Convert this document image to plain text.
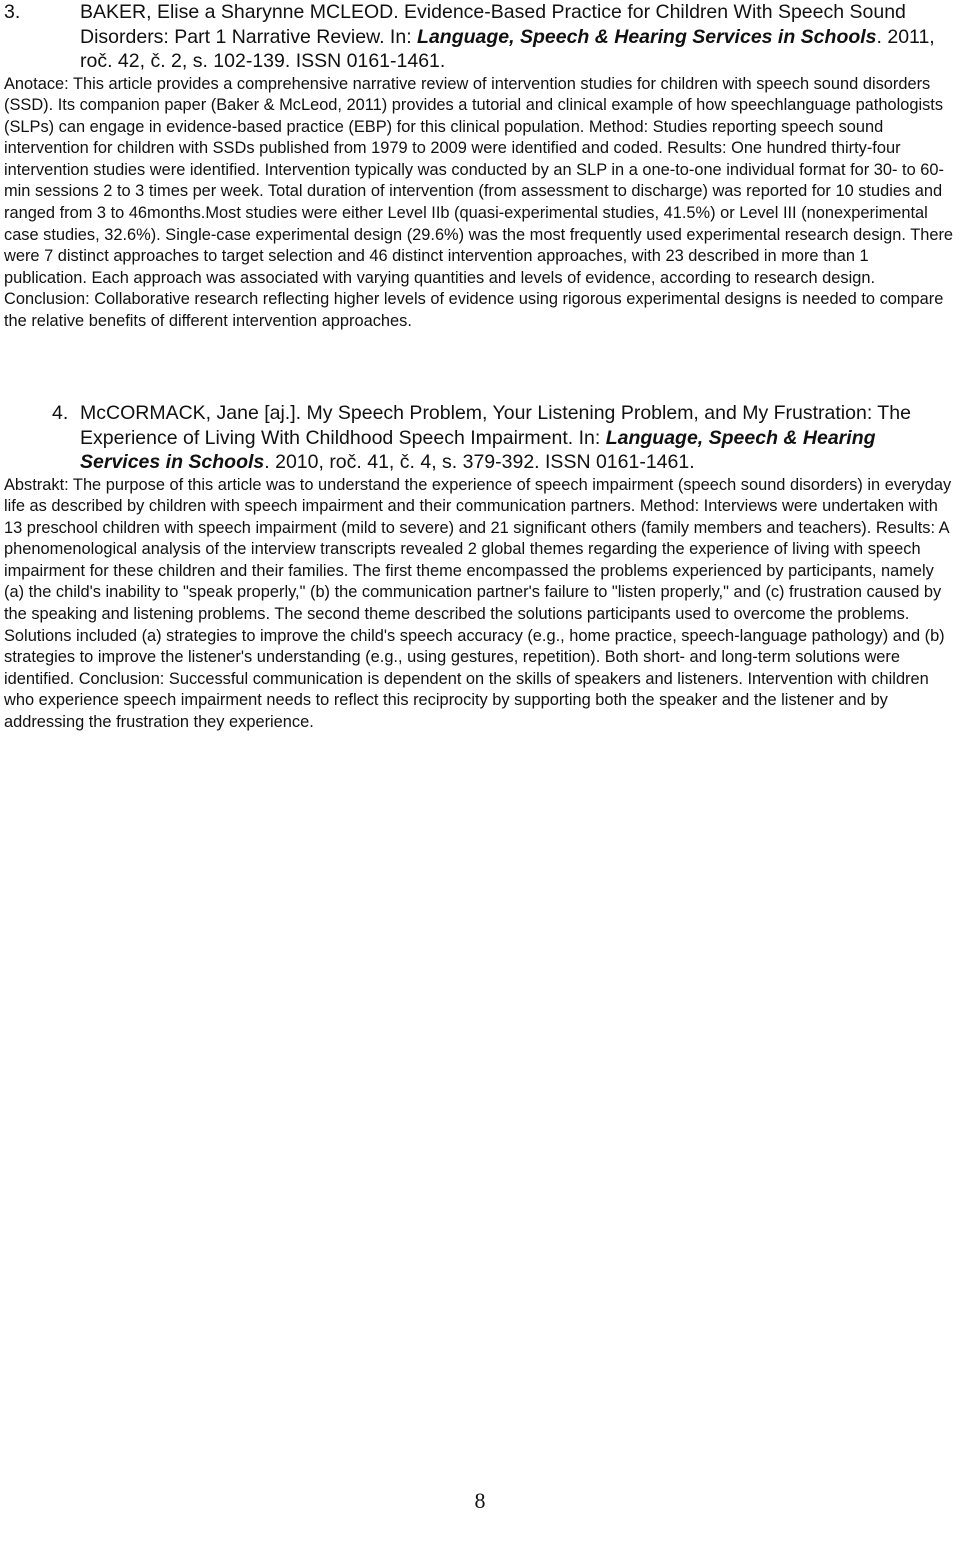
3.	BAKER, Elise a Sharynne MCLEOD. Evidence-Based Practice for Children With Speech Sound Disorders: Part 1 Narrative Review. In: Language, Speech & Hearing Services in Schools. 2011, roč. 42, č. 2, s. 102-139. ISSN 0161-1461.

Anotace: This article provides a comprehensive narrative review of intervention studies for children with speech sound disorders (SSD). Its companion paper (Baker & McLeod, 2011) provides a tutorial and clinical example of how speechlanguage pathologists (SLPs) can engage in evidence-based practice (EBP) for this clinical population. Method: Studies reporting speech sound intervention for children with SSDs published from 1979 to 2009 were identified and coded. Results: One hundred thirty-four intervention studies were identified. Intervention typically was conducted by an SLP in a one-to-one individual format for 30- to 60-min sessions 2 to 3 times per week. Total duration of intervention (from assessment to discharge) was reported for 10 studies and ranged from 3 to 46months.Most studies were either Level IIb (quasi-experimental studies, 41.5%) or Level III (nonexperimental case studies, 32.6%). Single-case experimental design (29.6%) was the most frequently used experimental research design. There were 7 distinct approaches to target selection and 46 distinct intervention approaches, with 23 described in more than 1 publication. Each approach was associated with varying quantities and levels of evidence, according to research design. Conclusion: Collaborative research reflecting higher levels of evidence using rigorous experimental designs is needed to compare the relative benefits of different intervention approaches.

4. McCORMACK, Jane [aj.]. My Speech Problem, Your Listening Problem, and My Frustration: The Experience of Living With Childhood Speech Impairment. In: Language, Speech & Hearing Services in Schools. 2010, roč. 41, č. 4, s. 379-392. ISSN 0161-1461.

Abstrakt: The purpose of this article was to understand the experience of speech impairment (speech sound disorders) in everyday life as described by children with speech impairment and their communication partners. Method: Interviews were undertaken with 13 preschool children with speech impairment (mild to severe) and 21 significant others (family members and teachers). Results: A phenomenological analysis of the interview transcripts revealed 2 global themes regarding the experience of living with speech impairment for these children and their families. The first theme encompassed the problems experienced by participants, namely (a) the child's inability to "speak properly," (b) the communication partner's failure to "listen properly," and (c) frustration caused by the speaking and listening problems. The second theme described the solutions participants used to overcome the problems. Solutions included (a) strategies to improve the child's speech accuracy (e.g., home practice, speech-language pathology) and (b) strategies to improve the listener's understanding (e.g., using gestures, repetition). Both short- and long-term solutions were identified. Conclusion: Successful communication is dependent on the skills of speakers and listeners. Intervention with children who experience speech impairment needs to reflect this reciprocity by supporting both the speaker and the listener and by addressing the frustration they experience.

8
